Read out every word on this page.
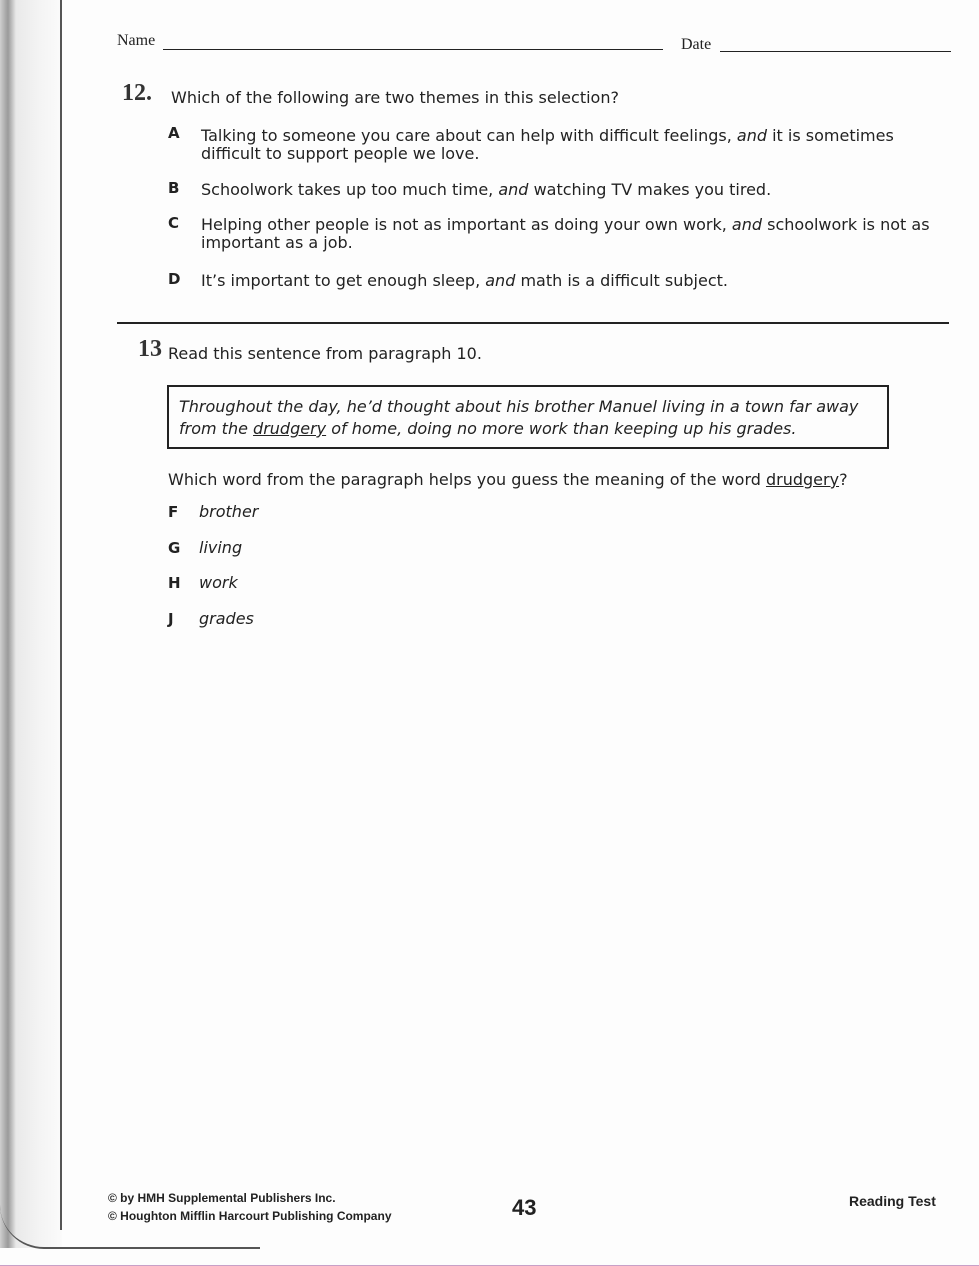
Name	Date
12. Which of the following are two themes in this selection?
A Talking to someone you care about can help with difficult feelings, and it is sometimes difficult to support people we love.
B Schoolwork takes up too much time, and watching TV makes you tired.
C Helping other people is not as important as doing your own work, and schoolwork is not as important as a job.
D It’s important to get enough sleep, and math is a difficult subject.
13 Read this sentence from paragraph 10.
Throughout the day, he’d thought about his brother Manuel living in a town far away from the drudgery of home, doing no more work than keeping up his grades.
Which word from the paragraph helps you guess the meaning of the word drudgery?
F brother
G living
H work
J grades
© by HMH Supplemental Publishers Inc.
© Houghton Mifflin Harcourt Publishing Company	43	Reading Test
